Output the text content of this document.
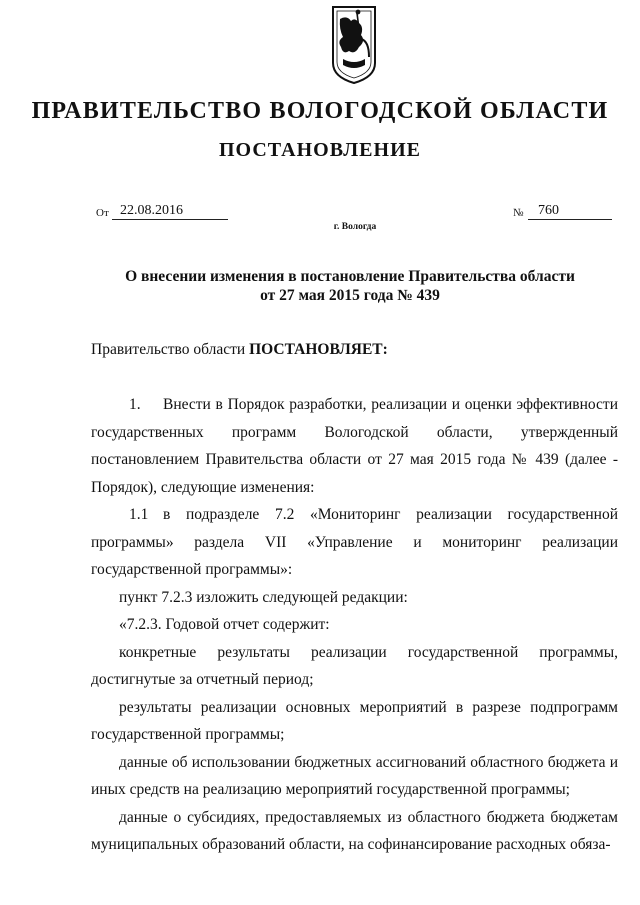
ПРАВИТЕЛЬСТВО ВОЛОГОДСКОЙ ОБЛАСТИ
ПОСТАНОВЛЕНИЕ
От 22.08.2016	№	760
г. Вологда
О внесении изменения в постановление Правительства области
от 27 мая 2015 года № 439
Правительство области ПОСТАНОВЛЯЕТ:

1. Внести в Порядок разработки, реализации и оценки эффективности государственных программ Вологодской области, утвержденный постановлением Правительства области от 27 мая 2015 года № 439 (далее - Порядок), следующие изменения:

1.1 в подразделе 7.2 «Мониторинг реализации государственной программы» раздела VII «Управление и мониторинг реализации государственной программы»:

пункт 7.2.3 изложить следующей редакции:

«7.2.3. Годовой отчет содержит:

конкретные результаты реализации государственной программы, достигнутые за отчетный период;

результаты реализации основных мероприятий в разрезе подпрограмм государственной программы;

данные об использовании бюджетных ассигнований областного бюджета и иных средств на реализацию мероприятий государственной программы;

данные о субсидиях, предоставляемых из областного бюджета бюджетам муниципальных образований области, на софинансирование расходных обяза-
